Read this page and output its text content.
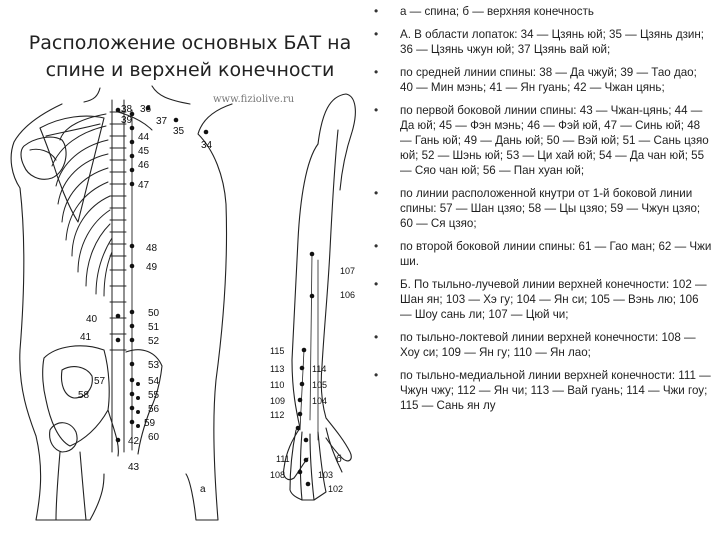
Расположение основных БАТ на спине и верхней конечности
38 36
39 37
35
34
44
45
46
47
48
49
50
51
52
53
54
55
56
59
60
40
41
57
58
42
43
а
107
106
115
113
110
109
112
114
105
104
111
108	103
102
б
www.fiziolive.ru
• а — спина; б — верхняя конечность
• А. В области лопаток: 34 — Цзянь юй; 35 — Цзянь дзин; 36 — Цзянь чжун юй; 37 Цзянь вай юй;
• по средней линии спины: 38 — Да чжуй; 39 — Тао дао; 40 — Мин мэнь; 41 — Ян гуань; 42 — Чжан цянь;
• по первой боковой линии спины: 43 — Чжан-цянь; 44 — Да юй; 45 — Фэн мэнь; 46 — Фэй юй, 47 — Синь юй; 48 — Гань юй; 49 — Дань юй; 50 — Вэй юй; 51 — Сань цзяо юй; 52 — Шэнь юй; 53 — Ци хай юй; 54 — Да чан юй; 55 — Сяо чан юй; 56 — Пан хуан юй;
• по линии расположенной кнутри от 1-й боковой линии спины: 57 — Шан цзяо; 58 — Цы цзяо; 59 — Чжун цзяо; 60 — Ся цзяо;
• по второй боковой линии спины: 61 — Гао ман; 62 — Чжи ши.
• Б. По тыльно-лучевой линии верхней конечности: 102 — Шан ян; 103 — Хэ гу; 104 — Ян си; 105 — Вэнь лю; 106 — Шоу сань ли; 107 — Цюй чи;
• по тыльно-локтевой линии верхней конечности: 108 — Хоу си; 109 — Ян гу; 110 — Ян лао;
• по тыльно-медиальной линии верхней конечности: 111 — Чжун чжу; 112 — Ян чи; 113 — Вай гуань; 114 — Чжи гоу; 115 — Сань ян лу
